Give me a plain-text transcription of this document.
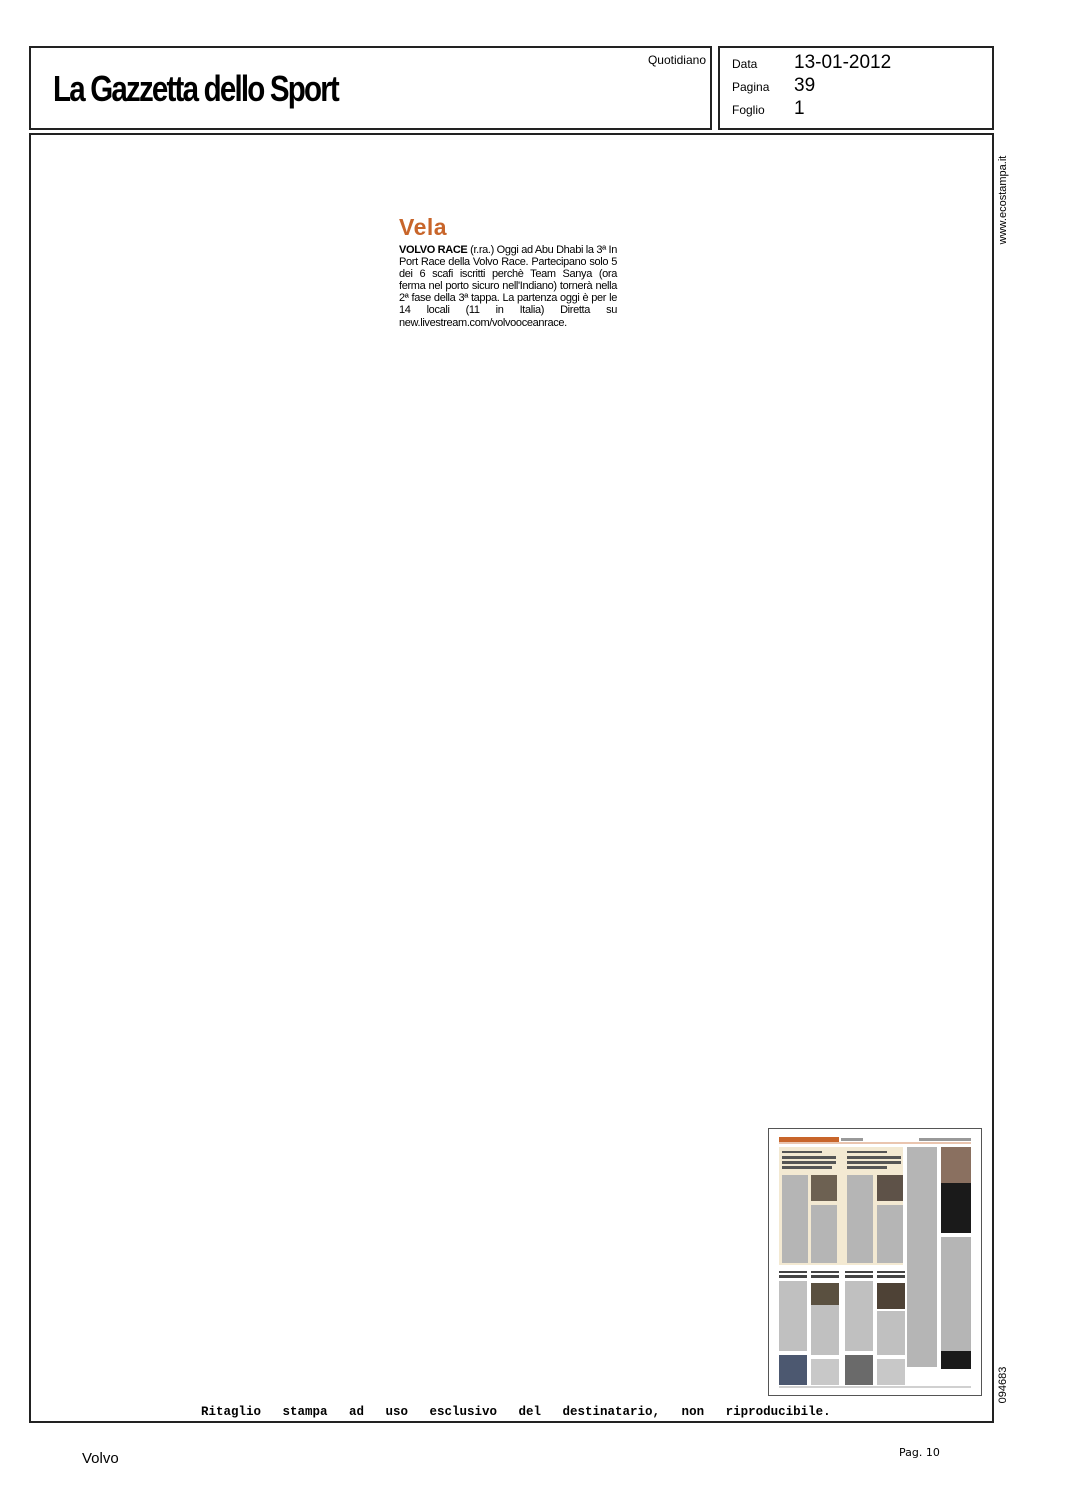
La Gazzetta dello Sport
Quotidiano Data 13-01-2012
Pagina 39
Foglio 1
www.ecostampa.it
094683
Vela
VOLVO RACE (r.ra.) Oggi ad Abu Dhabi la 3ª In Port Race della Volvo Race. Partecipano solo 5 dei 6 scafi iscritti perchè Team Sanya (ora ferma nel porto sicuro nell'Indiano) tornerà nella 2ª fase della 3ª tappa. La partenza oggi è per le 14 locali (11 in Italia) Diretta su new.livestream.com/volvooceanrace.
Ritaglio stampa ad uso esclusivo del destinatario, non riproducibile.
Volvo	Pag. 10
